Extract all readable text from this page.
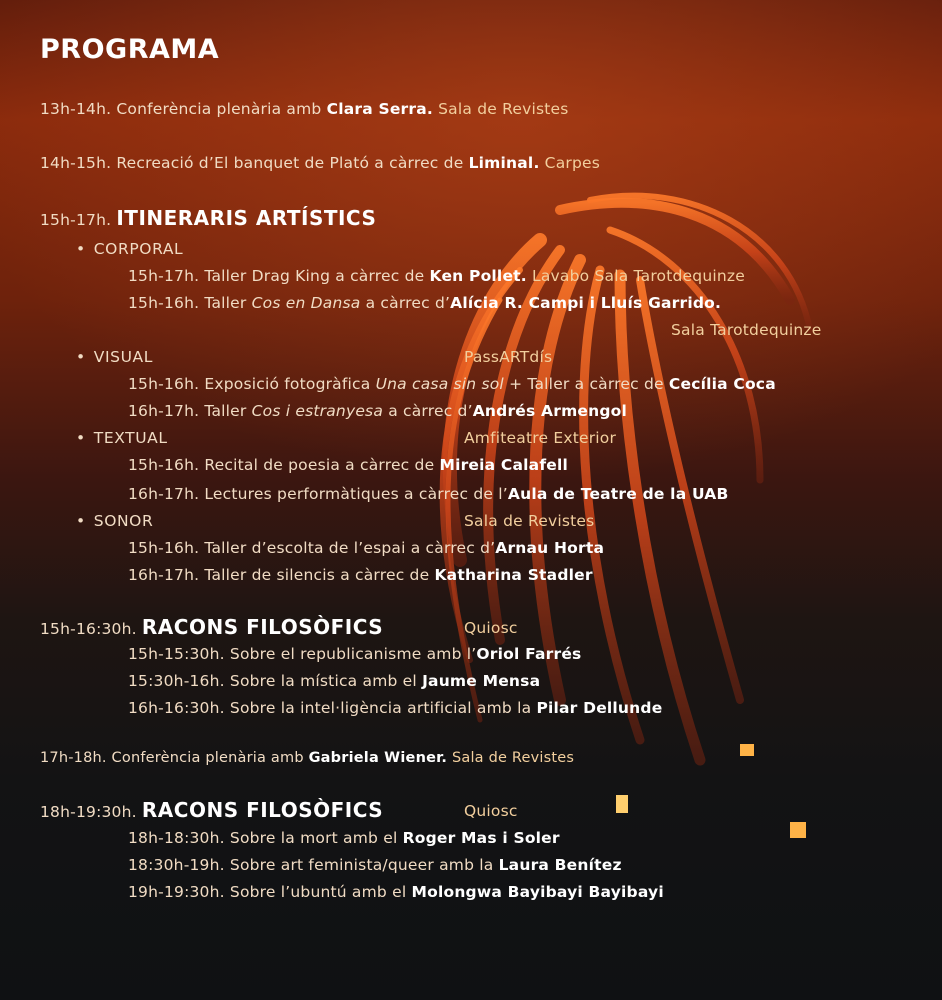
PROGRAMA
13h-14h. Conferència plenària amb Clara Serra. Sala de Revistes
14h-15h. Recreació d’El banquet de Plató a càrrec de Liminal. Carpes
15h-17h. ITINERARIS ARTÍSTICS
• CORPORAL
15h-17h. Taller Drag King a càrrec de Ken Pollet. Lavabo Sala Tarotdequinze
15h-16h. Taller Cos en Dansa a càrrec d’Alícia R. Campi i Lluís Garrido.
Sala Tarotdequinze
• VISUAL	PassARTdís
15h-16h. Exposició fotogràfica Una casa sin sol + Taller a càrrec de Cecília Coca
16h-17h. Taller Cos i estranyesa a càrrec d’Andrés Armengol
• TEXTUAL	Amfiteatre Exterior
15h-16h. Recital de poesia a càrrec de Mireia Calafell
16h-17h. Lectures performàtiques a càrrec de l’Aula de Teatre de la UAB
• SONOR	Sala de Revistes
15h-16h. Taller d’escolta de l’espai a càrrec d’Arnau Horta
16h-17h. Taller de silencis a càrrec de Katharina Stadler
15h-16:30h. RACONS FILOSÒFICS	Quiosc
15h-15:30h. Sobre el republicanisme amb l’Oriol Farrés
15:30h-16h. Sobre la mística amb el Jaume Mensa
16h-16:30h. Sobre la intel·ligència artificial amb la Pilar Dellunde
17h-18h. Conferència plenària amb Gabriela Wiener. Sala de Revistes
18h-19:30h. RACONS FILOSÒFICS	Quiosc
18h-18:30h. Sobre la mort amb el Roger Mas i Soler
18:30h-19h. Sobre art feminista/queer amb la Laura Benítez
19h-19:30h. Sobre l’ubuntú amb el Molongwa Bayibayi Bayibayi
